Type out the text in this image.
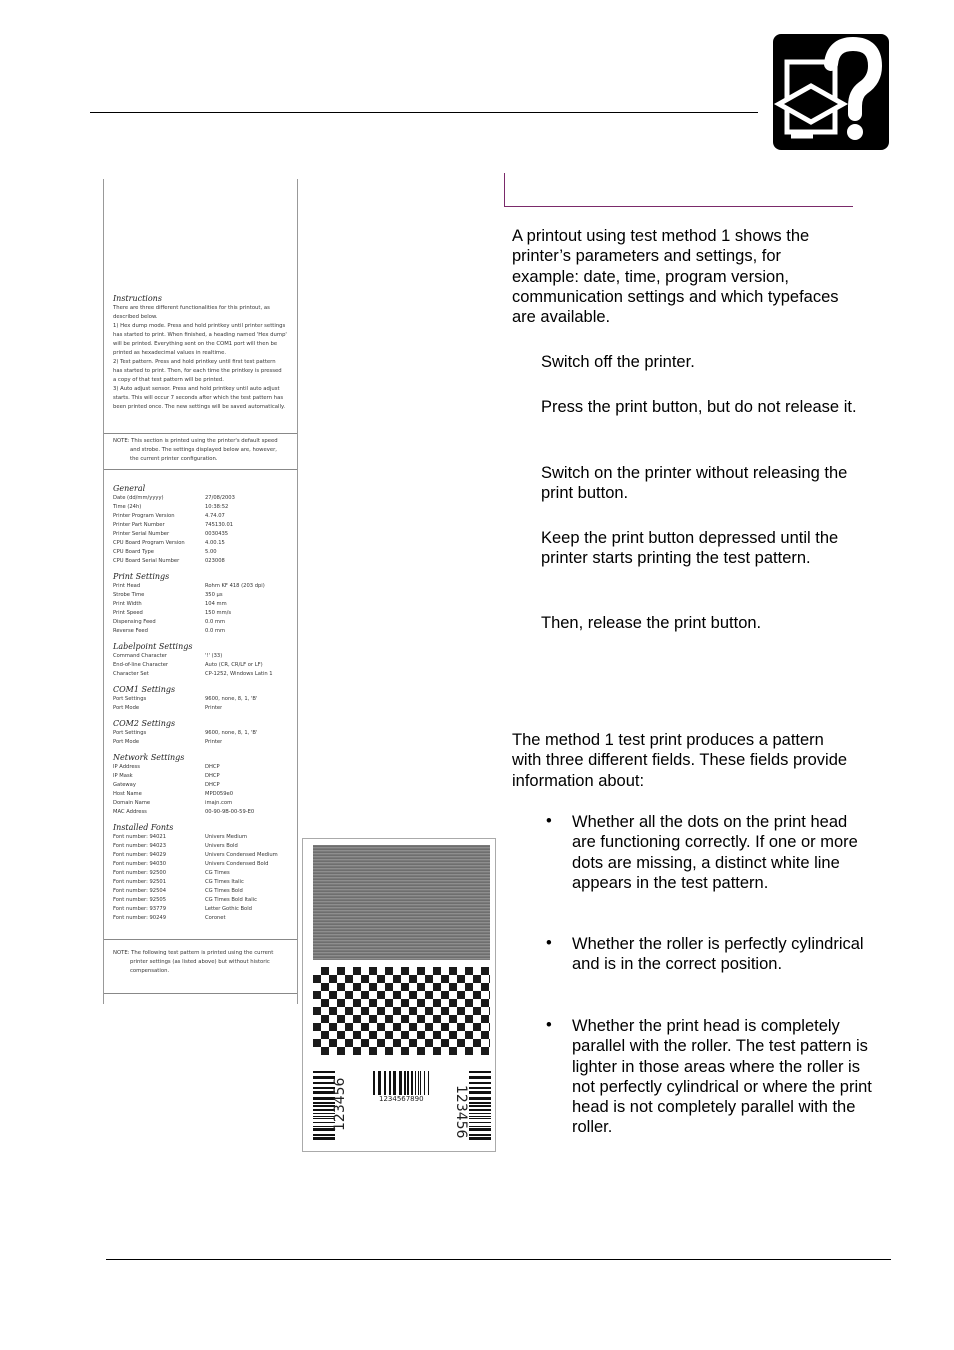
A printout using test method 1 shows the printer’s parameters and settings, for example: date, time, program version, communication settings and which typefaces are available.
Switch off the printer.
Press the print button, but do not release it.
Switch on the printer without releasing the print button.
Keep the print button depressed until the printer starts printing the test pattern.
Then, release the print button.
The method 1 test print produces a pattern with three different fields. These fields provide information about:
• Whether all the dots on the print head are functioning correctly. If one or more dots are missing, a distinct white line appears in the test pattern.
• Whether the roller is perfectly cylindrical and is in the correct position.
• Whether the print head is completely parallel with the roller. The test pattern is lighter in those areas where the roller is not perfectly cylindrical or where the print head is not completely parallel with the roller.
Instructions
There are three different functionalities for this printout, as
described below.
1) Hex dump mode. Press and hold printkey until printer settings
has started to print. When finished, a heading named 'Hex dump'
will be printed. Everything sent on the COM1 port will then be
printed as hexadecimal values in realtime.
2) Test pattern. Press and hold printkey until first test pattern
has started to print. Then, for each time the printkey is pressed
a copy of that test pattern will be printed.
3) Auto adjust sensor. Press and hold printkey until auto adjust
starts. This will occur 7 seconds after which the test pattern has
been printed once. The new settings will be saved automatically.
NOTE: This section is printed using the printer's default speed
and strobe. The settings displayed below are, however,
the current printer configuration.
General
Date (dd/mm/yyyy)	27/08/2003
Time (24h)	10:38:52
Printer Program Version	4.74.07
Printer Part Number	745130.01
Printer Serial Number	0030435
CPU Board Program Version	4.00.15
CPU Board Type	5.00
CPU Board Serial Number	023008
Print Settings
Print Head	Rohm KF 418 (203 dpi)
Strobe Time	350 µs
Print Width	104 mm
Print Speed	150 mm/s
Dispensing Feed	0.0 mm
Reverse Feed	0.0 mm
Labelpoint Settings
Command Character	'!' (33)
End-of-line Character	Auto (CR, CR/LF or LF)
Character Set	CP-1252, Windows Latin 1
COM1 Settings
Port Settings	9600, none, 8, 1, 'B'
Port Mode	Printer
COM2 Settings
Port Settings	9600, none, 8, 1, 'B'
Port Mode	Printer
Network Settings
IP Address	DHCP
IP Mask	DHCP
Gateway	DHCP
Host Name	MPD059e0
Domain Name	imajn.com
MAC Address	00-90-9B-00-59-E0
Installed Fonts
Font number: 94021	Univers Medium
Font number: 94023	Univers Bold
Font number: 94029	Univers Condensed Medium
Font number: 94030	Univers Condensed Bold
Font number: 92500	CG Times
Font number: 92501	CG Times Italic
Font number: 92504	CG Times Bold
Font number: 92505	CG Times Bold Italic
Font number: 93779	Letter Gothic Bold
Font number: 90249	Coronet
NOTE: The following test pattern is printed using the current
printer settings (as listed above) but without historic
compensation.
123456	1234567890 123456
